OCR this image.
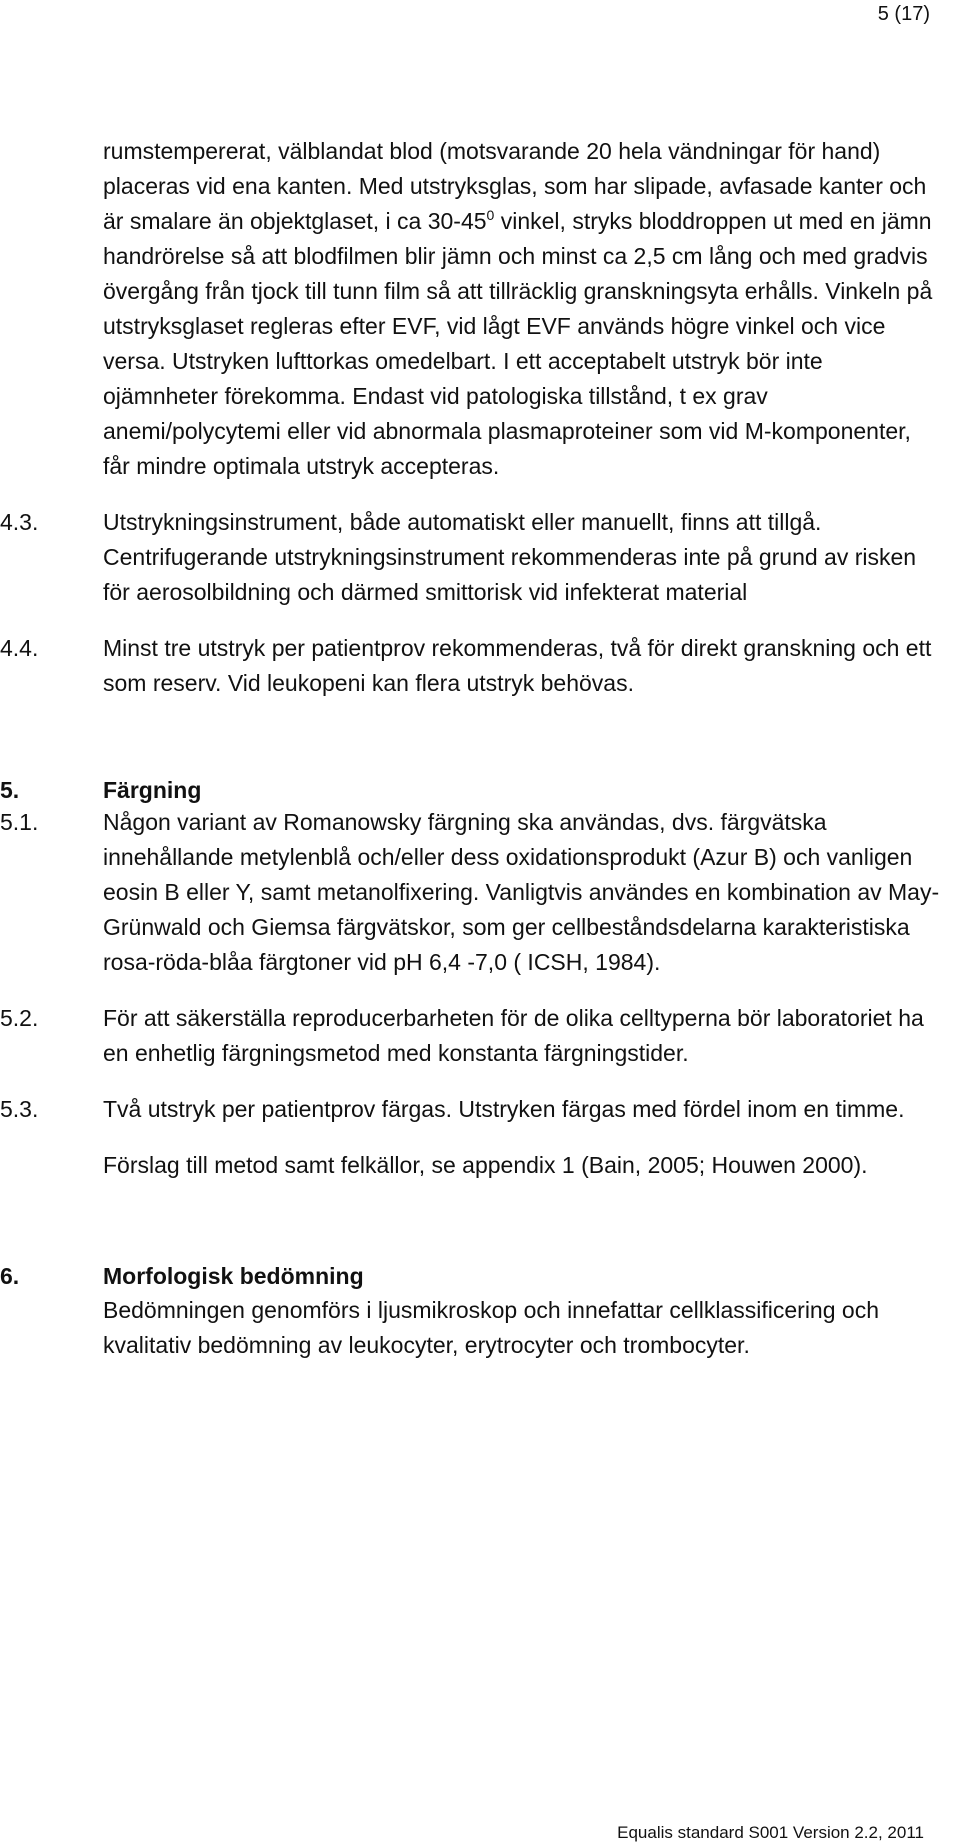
5 (17)

rumstempererat, välblandat blod (motsvarande 20 hela vändningar för hand) placeras vid ena kanten. Med utstryksglas, som har slipade, avfasade kanter och är smalare än objektglaset, i ca $30-45^0$ vinkel, stryks bloddroppen ut med en jämn handrörelse så att blodfilmen blir jämn och minst ca 2,5 cm lång och med gradvis övergång från tjock till tunn film så att tillräcklig granskningsyta erhålls. Vinkeln på utstryksglaset regleras efter EVF, vid lågt EVF används högre vinkel och vice versa. Utstryken lufttorkas omedelbart. I ett acceptabelt utstryk bör inte ojämnheter förekomma. Endast vid patologiska tillstånd, t ex grav anemi/polycytemi eller vid abnormala plasmaproteiner som vid M-komponenter, får mindre optimala utstryk accepteras.

4.3.	Utstrykningsinstrument, både automatiskt eller manuellt, finns att tillgå. Centrifugerande utstrykningsinstrument rekommenderas inte på grund av risken för aerosolbildning och därmed smittorisk vid infekterat material
4.4.	Minst tre utstryk per patientprov rekommenderas, två för direkt granskning och ett som reserv. Vid leukopeni kan flera utstryk behövas.
5.	Färgning
5.1.	Någon variant av Romanowsky färgning ska användas, dvs. färgvätska innehållande metylenblå och/eller dess oxidationsprodukt (Azur B) och vanligen eosin B eller Y, samt metanolfixering. Vanligtvis användes en kombination av May-Grünwald och Giemsa färgvätskor, som ger cellbeståndsdelarna karakteristiska rosa-röda-blåa färgtoner vid pH 6,4 -7,0 ( ICSH, 1984).
5.2.	För att säkerställa reproducerbarheten för de olika celltyperna bör laboratoriet ha en enhetlig färgningsmetod med konstanta färgningstider.
5.3.	Två utstryk per patientprov färgas. Utstryken färgas med fördel inom en timme.

Förslag till metod samt felkällor, se appendix 1 (Bain, 2005; Houwen 2000).

6.	Morfologisk bedömning

Bedömningen genomförs i ljusmikroskop och innefattar cellklassificering och kvalitativ bedömning av leukocyter, erytrocyter och trombocyter.

Equalis standard S001 Version 2.2, 2011
